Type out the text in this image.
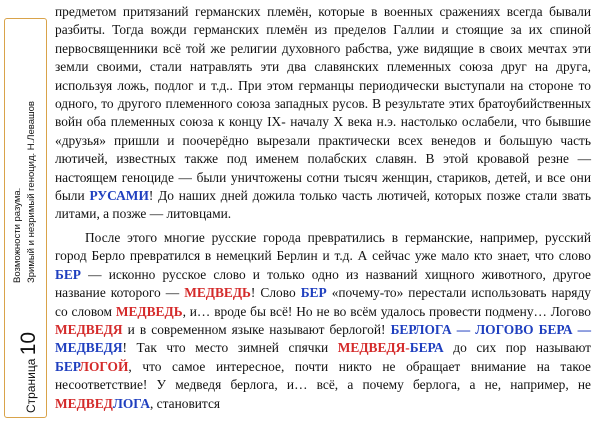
Страница 10
Возможности разума. Зримый и незримый геноцид. Н.Левашов

предметом притязаний германских племён, которые в военных сражениях всегда бывали разбиты. Тогда вожди германских племён из пределов Галлии и стоящие за их спиной первосвященники всё той же религии духовного рабства, уже видящие в своих мечтах эти земли своими, стали натравлять эти два славянских племенных союза друг на друга, используя ложь, подлог и т.д.. При этом германцы периодически выступали на стороне то одного, то другого племенного союза западных русов. В результате этих братоубийственных войн оба племенных союза к концу IX- началу X века н.э. настолько ослабели, что бывшие «друзья» пришли и поочерёдно вырезали практически всех венедов и большую часть лютичей, известных также под именем полабских славян. В этой кровавой резне — настоящем геноциде — были уничтожены сотни тысяч женщин, стариков, детей, и все они были РУСАМИ! До наших дней дожила только часть лютичей, которых позже стали звать литами, а позже — литовцами.

После этого многие русские города превратились в германские, например, русский город Берло превратился в немецкий Берлин и т.д. А сейчас уже мало кто знает, что слово БЕР — исконно русское слово и только одно из названий хищного животного, другое название которого — МЕДВЕДЬ! Слово БЕР «почему-то» перестали использовать наряду со словом МЕДВЕДЬ, и… вроде бы всё! Но не во всём удалось провести подмену… Логово МЕДВЕДЯ и в современном языке называют берлогой! БЕРЛОГА — ЛОГОВО БЕРА — МЕДВЕДЯ! Так что место зимней спячки МЕДВЕДЯ-БЕРА до сих пор называют БЕРЛОГОЙ, что самое интересное, почти никто не обращает внимание на такое несоответствие! У медведя берлога, и… всё, а почему берлога, а не, например, не МЕДВЕДЛОГА, становится
